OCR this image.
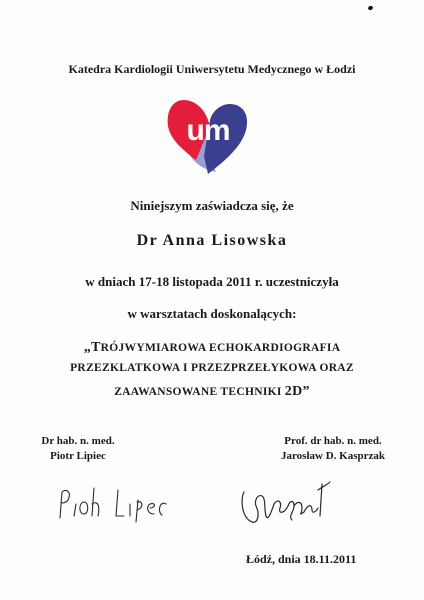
Katedra Kardiologii Uniwersytetu Medycznego w Łodzi
um
Niniejszym zaświadcza się, że
Dr Anna Lisowska
w dniach 17-18 listopada 2011 r. uczestniczyła
w warsztatach doskonalących:
„TRÓJWYMIAROWA ECHOKARDIOGRAFIA
PRZEZKLATKOWA I PRZEZPRZEŁYKOWA ORAZ
ZAAWANSOWANE TECHNIKI 2D”
Dr hab. n. med.
Piotr Lipiec
Prof. dr hab. n. med.
Jarosław D. Kasprzak
Łódź, dnia 18.11.2011
